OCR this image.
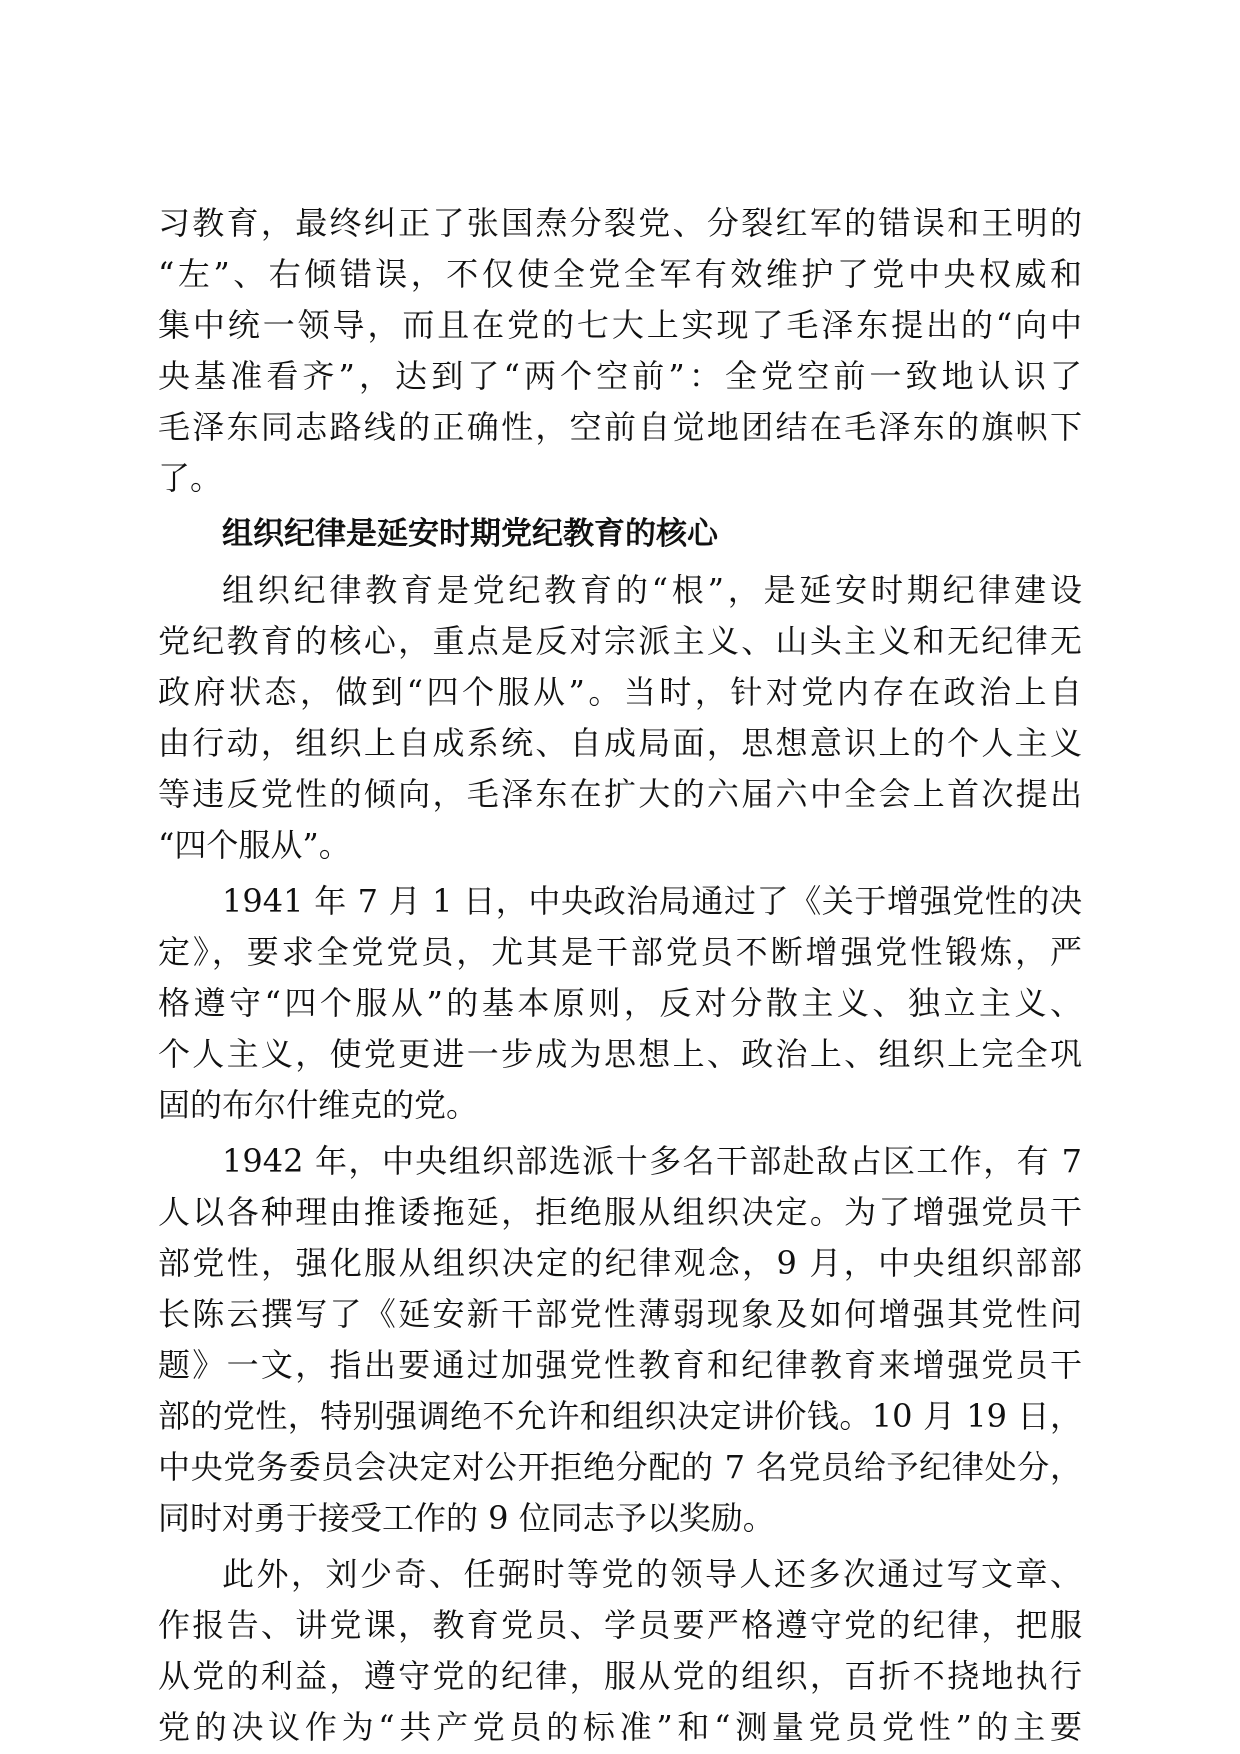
习教育，最终纠正了张国焘分裂党、分裂红军的错误和王明的
“左”、右倾错误，不仅使全党全军有效维护了党中央权威和
集中统一领导，而且在党的七大上实现了毛泽东提出的“向中
央基准看齐”，达到了“两个空前”：全党空前一致地认识了
毛泽东同志路线的正确性，空前自觉地团结在毛泽东的旗帜下
了。
组织纪律是延安时期党纪教育的核心
组织纪律教育是党纪教育的“根”，是延安时期纪律建设
党纪教育的核心，重点是反对宗派主义、山头主义和无纪律无
政府状态，做到“四个服从”。当时，针对党内存在政治上自
由行动，组织上自成系统、自成局面，思想意识上的个人主义
等违反党性的倾向，毛泽东在扩大的六届六中全会上首次提出
“四个服从”。
1941 年 7 月 1 日，中央政治局通过了《关于增强党性的决
定》，要求全党党员，尤其是干部党员不断增强党性锻炼，严
格遵守“四个服从”的基本原则，反对分散主义、独立主义、
个人主义，使党更进一步成为思想上、政治上、组织上完全巩
固的布尔什维克的党。
1942 年，中央组织部选派十多名干部赴敌占区工作，有 7
人以各种理由推诿拖延，拒绝服从组织决定。为了增强党员干
部党性，强化服从组织决定的纪律观念，9 月，中央组织部部
长陈云撰写了《延安新干部党性薄弱现象及如何增强其党性问
题》一文，指出要通过加强党性教育和纪律教育来增强党员干
部的党性，特别强调绝不允许和组织决定讲价钱。10 月 19 日，
中央党务委员会决定对公开拒绝分配的 7 名党员给予纪律处分，
同时对勇于接受工作的 9 位同志予以奖励。
此外，刘少奇、任弼时等党的领导人还多次通过写文章、
作报告、讲党课，教育党员、学员要严格遵守党的纪律，把服
从党的利益，遵守党的纪律，服从党的组织，百折不挠地执行
党的决议作为“共产党员的标准”和“测量党员党性”的主要
